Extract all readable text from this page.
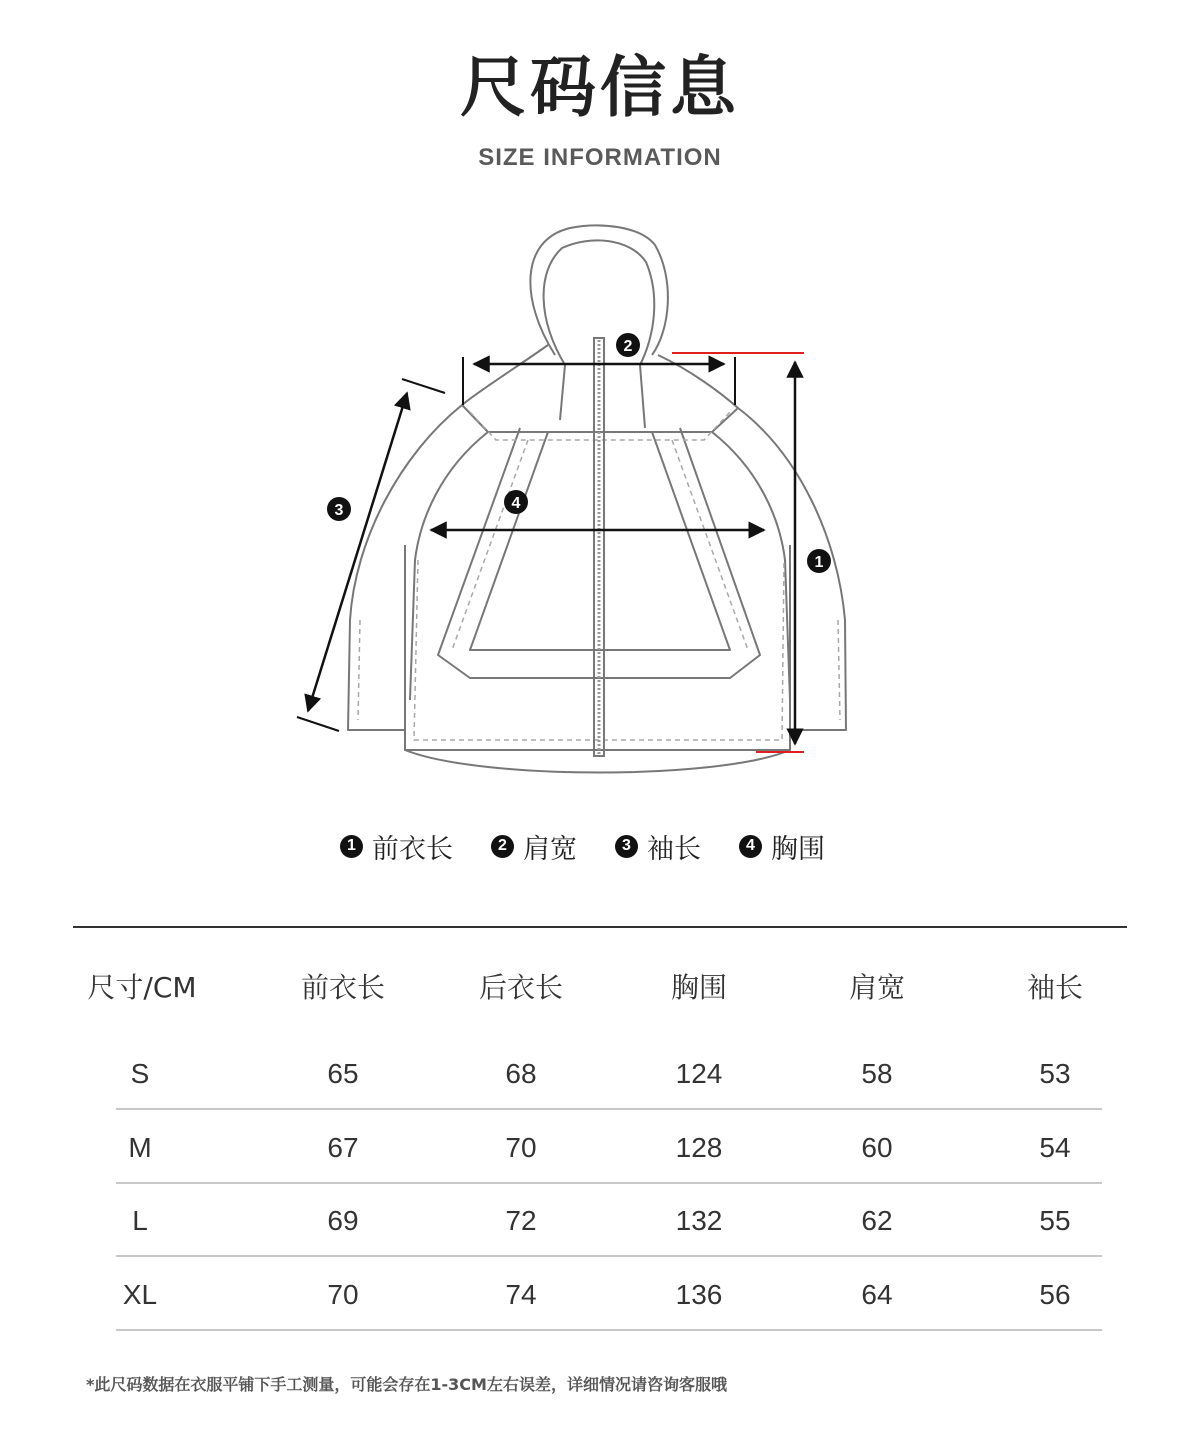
尺码信息
SIZE INFORMATION
1
2
3	4
1 前衣长	2 肩宽	3 袖长	4 胸围
尺寸/CM	前衣长	后衣长	胸围	肩宽	袖长
S	65	68	124	58	53
M	67	70	128	60	54
L	69	72	132	62	55
XL	70	74	136	64	56
*此尺码数据在衣服平铺下手工测量，可能会存在1-3CM左右误差，详细情况请咨询客服哦
